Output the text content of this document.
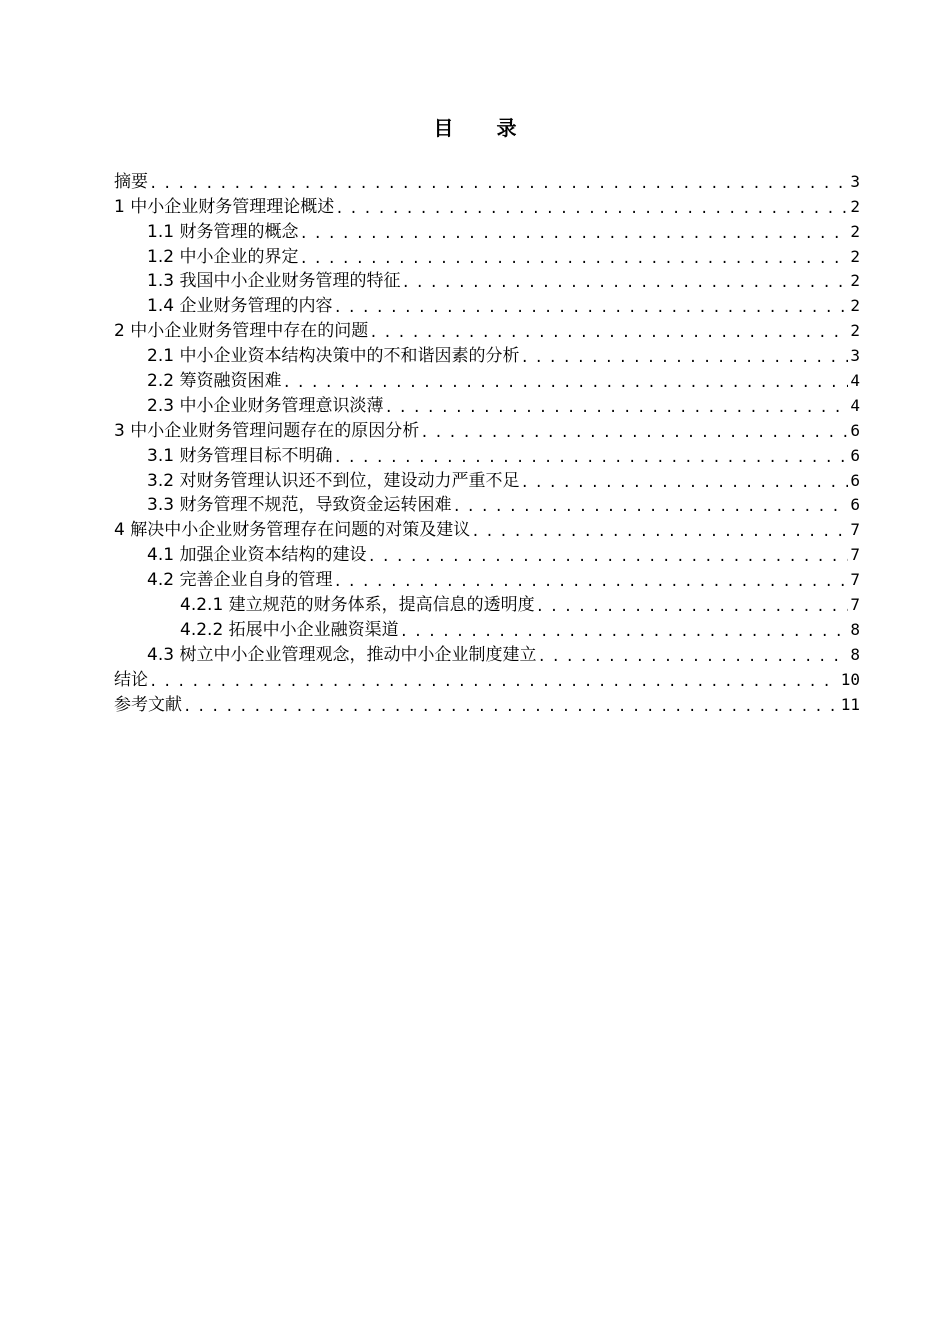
目 录
摘要 .....	3
1 中小企业财务管理理论概述 .....	2
1.1 财务管理的概念 .....	2
1.2 中小企业的界定 .....	2
1.3 我国中小企业财务管理的特征 .....	2
1.4 企业财务管理的内容 .....	2
2 中小企业财务管理中存在的问题 .....	2
2.1 中小企业资本结构决策中的不和谐因素的分析 .....	3
2.2 筹资融资困难 .....	4
2.3 中小企业财务管理意识淡薄 .....	4
3 中小企业财务管理问题存在的原因分析 .....	6
3.1 财务管理目标不明确 .....	6
3.2 对财务管理认识还不到位，建设动力严重不足 .....	6
3.3 财务管理不规范，导致资金运转困难 .....	6
4 解决中小企业财务管理存在问题的对策及建议 .....	7
4.1 加强企业资本结构的建设 .....	7
4.2 完善企业自身的管理 .....	7
4.2.1 建立规范的财务体系，提高信息的透明度 .....	7
4.2.2 拓展中小企业融资渠道 .....	8
4.3 树立中小企业管理观念，推动中小企业制度建立 .....	8
结论 .....	10
参考文献 .....	11
